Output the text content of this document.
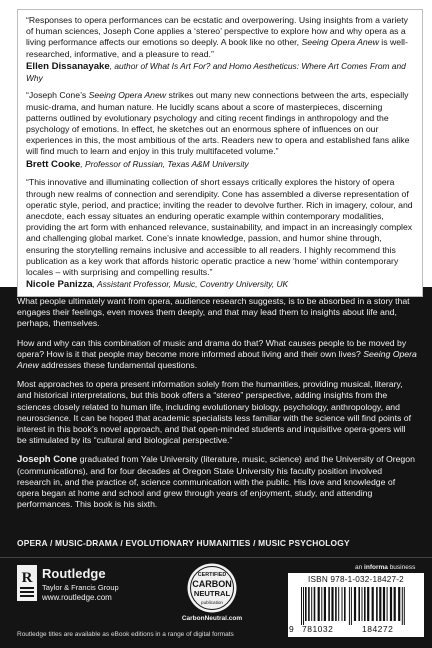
“Responses to opera performances can be ecstatic and overpowering. Using insights from a variety of human sciences, Joseph Cone applies a ‘stereo’ perspective to explore how and why opera as a living performance affects our emotions so deeply. A book like no other, Seeing Opera Anew is well-researched, informative, and a pleasure to read.”

Ellen Dissanayake, author of What Is Art For? and Homo Aestheticus: Where Art Comes From and Why

“Joseph Cone’s Seeing Opera Anew strikes out many new connections between the arts, especially music-drama, and human nature. He lucidly scans about a score of masterpieces, discerning patterns outlined by evolutionary psychology and citing recent findings in anthropology and the psychology of emotions. In effect, he sketches out an enormous sphere of influences on our experiences in this, the most ambitious of the arts. Readers new to opera and established fans alike will find much to learn and enjoy in this truly multifaceted volume.”

Brett Cooke, Professor of Russian, Texas A&M University

“This innovative and illuminating collection of short essays critically explores the history of opera through new realms of connection and serendipity. Cone has assembled a diverse representation of operatic style, period, and practice; inviting the reader to devolve further. Rich in imagery, colour, and anecdote, each essay situates an enduring operatic example within contemporary modalities, providing the art form with enhanced relevance, sustainability, and impact in an increasingly complex and challenging global market. Cone’s innate knowledge, passion, and humor shine through, ensuring the storytelling remains inclusive and accessible to all readers. I highly recommend this publication as a key work that affords historic operatic practice a new ‘home’ within contemporary locales – with surprising and compelling results.”

Nicole Panizza, Assistant Professor, Music, Coventry University, UK

What people ultimately want from opera, audience research suggests, is to be absorbed in a story that engages their feelings, even moves them deeply, and that may lead them to insights about life and, perhaps, themselves.

How and why can this combination of music and drama do that? What causes people to be moved by opera? How is it that people may become more informed about living and their own lives? Seeing Opera Anew addresses these fundamental questions.

Most approaches to opera present information solely from the humanities, providing musical, literary, and historical interpretations, but this book offers a “stereo” perspective, adding insights from the sciences closely related to human life, including evolutionary biology, psychology, anthropology, and neuroscience. It can be hoped that academic specialists less familiar with the science will find points of interest in this book’s novel approach, and that open-minded students and inquisitive opera-goers will be stimulated by its “cultural and biological perspective.”

Joseph Cone graduated from Yale University (literature, music, science) and the University of Oregon (communications), and for four decades at Oregon State University his faculty position involved research in, and the practice of, science communication with the public. His love and knowledge of opera began at home and school and grew through years of enjoyment, study, and attending performances. This book is his sixth.

OPERA / MUSIC-DRAMA / EVOLUTIONARY HUMANITIES / MUSIC PSYCHOLOGY
R Routledge
Taylor & Francis Group
www.routledge.com
CERTIFIED
CARBON
NEUTRAL
publication
CarbonNeutral.com
an informa business
ISBN 978-1-032-18427-2
9 781032	184272
Routledge titles are available as eBook editions in a range of digital formats
